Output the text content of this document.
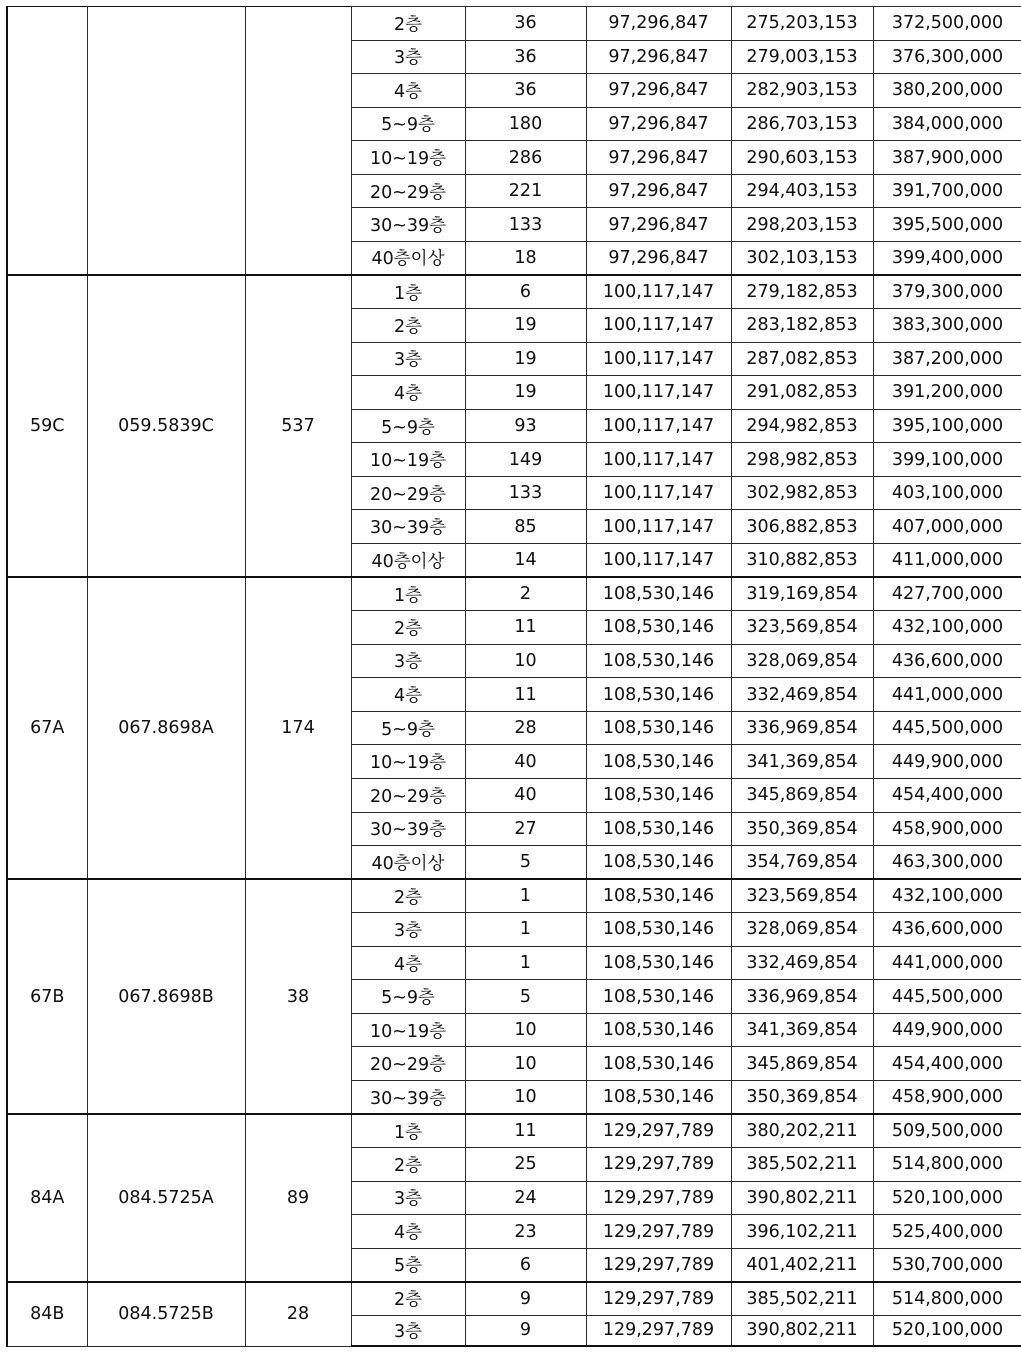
			2층	36	97,296,847	275,203,153	372,500,000
			3층	36	97,296,847	279,003,153	376,300,000
			4층	36	97,296,847	282,903,153	380,200,000
			5~9층	180	97,296,847	286,703,153	384,000,000
			10~19층	286	97,296,847	290,603,153	387,900,000
			20~29층	221	97,296,847	294,403,153	391,700,000
			30~39층	133	97,296,847	298,203,153	395,500,000
			40층이상	18	97,296,847	302,103,153	399,400,000
59C	059.5839C	537	1층	6	100,117,147	279,182,853	379,300,000
			2층	19	100,117,147	283,182,853	383,300,000
			3층	19	100,117,147	287,082,853	387,200,000
			4층	19	100,117,147	291,082,853	391,200,000
			5~9층	93	100,117,147	294,982,853	395,100,000
			10~19층	149	100,117,147	298,982,853	399,100,000
			20~29층	133	100,117,147	302,982,853	403,100,000
			30~39층	85	100,117,147	306,882,853	407,000,000
			40층이상	14	100,117,147	310,882,853	411,000,000
67A	067.8698A	174	1층	2	108,530,146	319,169,854	427,700,000
			2층	11	108,530,146	323,569,854	432,100,000
			3층	10	108,530,146	328,069,854	436,600,000
			4층	11	108,530,146	332,469,854	441,000,000
			5~9층	28	108,530,146	336,969,854	445,500,000
			10~19층	40	108,530,146	341,369,854	449,900,000
			20~29층	40	108,530,146	345,869,854	454,400,000
			30~39층	27	108,530,146	350,369,854	458,900,000
			40층이상	5	108,530,146	354,769,854	463,300,000
67B	067.8698B	38	2층	1	108,530,146	323,569,854	432,100,000
			3층	1	108,530,146	328,069,854	436,600,000
			4층	1	108,530,146	332,469,854	441,000,000
			5~9층	5	108,530,146	336,969,854	445,500,000
			10~19층	10	108,530,146	341,369,854	449,900,000
			20~29층	10	108,530,146	345,869,854	454,400,000
			30~39층	10	108,530,146	350,369,854	458,900,000
84A	084.5725A	89	1층	11	129,297,789	380,202,211	509,500,000
			2층	25	129,297,789	385,502,211	514,800,000
			3층	24	129,297,789	390,802,211	520,100,000
			4층	23	129,297,789	396,102,211	525,400,000
			5층	6	129,297,789	401,402,211	530,700,000
84B	084.5725B	28	2층	9	129,297,789	385,502,211	514,800,000
			3층	9	129,297,789	390,802,211	520,100,000
